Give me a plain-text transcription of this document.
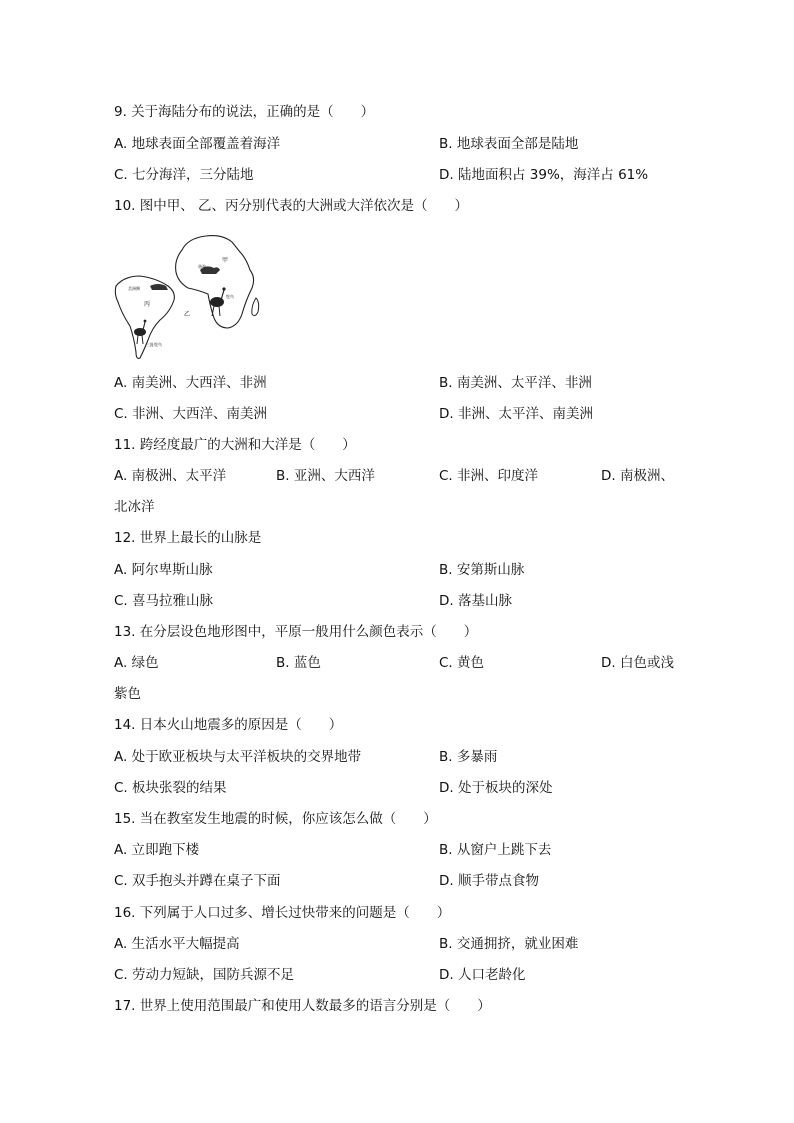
9. 关于海陆分布的说法，正确的是（　　）
A. 地球表面全部覆盖着海洋	B. 地球表面全部是陆地
C. 七分海洋，三分陆地	D. 陆地面积占 39%，海洋占 61%
10. 图中甲、 乙、丙分别代表的大洲或大洋依次是（　　）
甲
乙
丙
骆驼
鸵鸟
美洲狮
三趾鸵鸟
A. 南美洲、大西洋、非洲	B. 南美洲、太平洋、非洲
C. 非洲、大西洋、南美洲	D. 非洲、太平洋、南美洲
11. 跨经度最广的大洲和大洋是（　　）
A. 南极洲、太平洋	B. 亚洲、大西洋	C. 非洲、印度洋	D. 南极洲、
北冰洋
12. 世界上最长的山脉是
A. 阿尔卑斯山脉	B. 安第斯山脉
C. 喜马拉雅山脉	D. 落基山脉
13. 在分层设色地形图中，平原一般用什么颜色表示（　　）
A. 绿色	B. 蓝色	C. 黄色	D. 白色或浅
紫色
14. 日本火山地震多的原因是（　　）
A. 处于欧亚板块与太平洋板块的交界地带	B. 多暴雨
C. 板块张裂的结果	D. 处于板块的深处
15. 当在教室发生地震的时候，你应该怎么做（　　）
A. 立即跑下楼	B. 从窗户上跳下去
C. 双手抱头并蹲在桌子下面	D. 顺手带点食物
16. 下列属于人口过多、增长过快带来的问题是（　　）
A. 生活水平大幅提高	B. 交通拥挤，就业困难
C. 劳动力短缺，国防兵源不足	D. 人口老龄化
17. 世界上使用范围最广和使用人数最多的语言分别是（　　）
